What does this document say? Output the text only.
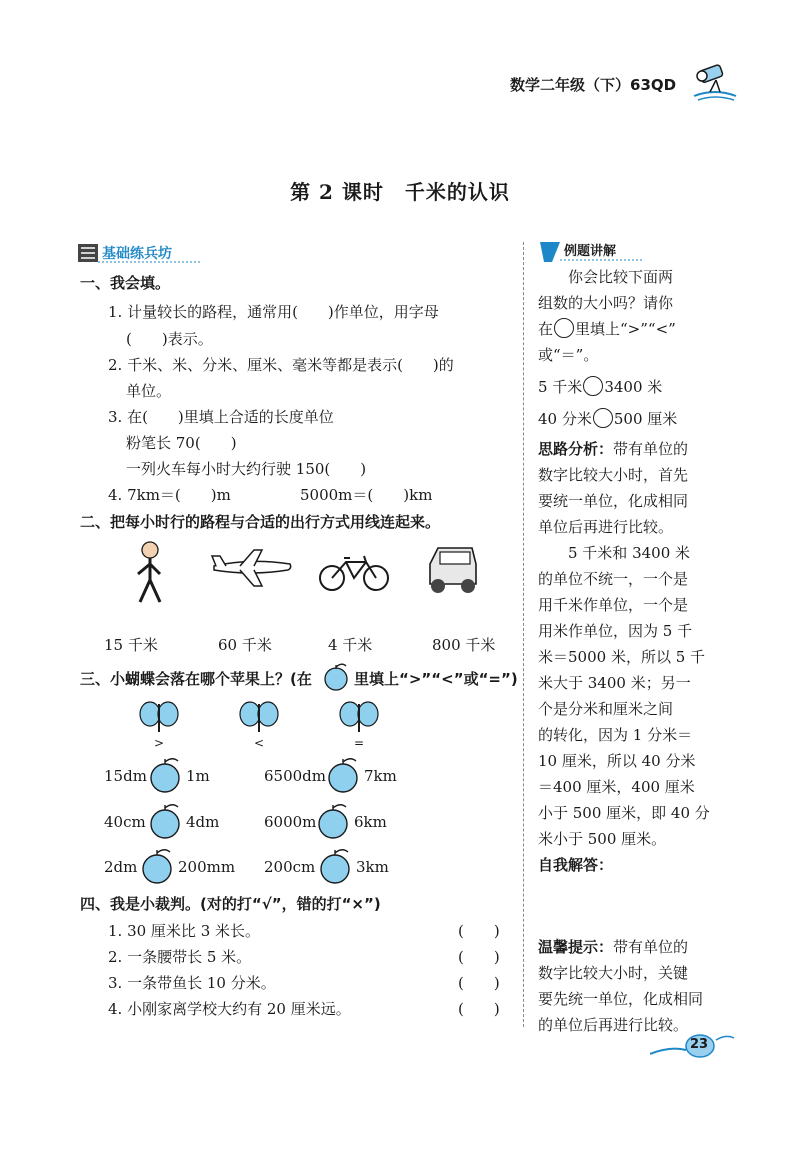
数学二年级（下）63QD
第 2 课时　千米的认识
基础练兵坊
一、我会填。
1. 计量较长的路程，通常用(　　)作单位，用字母
(　　)表示。
2. 千米、米、分米、厘米、毫米等都是表示(　　)的
单位。
3. 在(　　)里填上合适的长度单位
粉笔长 70(　　)
一列火车每小时大约行驶 150(　　)
4. 7km＝(　　)m	5000m＝(　　)km
二、把每小时行的路程与合适的出行方式用线连起来。
15 千米	60 千米	4 千米	800 千米
三、小蝴蝶会落在哪个苹果上？(在	里填上“>”“<”或“=”)
>	<	=
15dm	1m	6500dm	7km
40cm	4dm	6000m	6km
2dm	200mm 200cm	3km
四、我是小裁判。(对的打“√”，错的打“×”)
1. 30 厘米比 3 米长。	(　　)
2. 一条腰带长 5 米。	(　　)
3. 一条带鱼长 10 分米。	(　　)
4. 小刚家离学校大约有 20 厘米远。	(　　)
例题讲解
你会比较下面两
组数的大小吗？请你
在 里填上“>”“<”
或“＝”。
5 千米 3400 米
40 分米 500 厘米
思路分析：带有单位的
数字比较大小时，首先
要统一单位，化成相同
单位后再进行比较。
　　5 千米和 3400 米
的单位不统一，一个是
用千米作单位，一个是
用米作单位，因为 5 千
米＝5000 米，所以 5 千
米大于 3400 米；另一
个是分米和厘米之间
的转化，因为 1 分米＝
10 厘米，所以 40 分米
＝400 厘米，400 厘米
小于 500 厘米，即 40 分
米小于 500 厘米。
自我解答：
温馨提示：带有单位的
数字比较大小时，关键
要先统一单位，化成相同
的单位后再进行比较。
23
